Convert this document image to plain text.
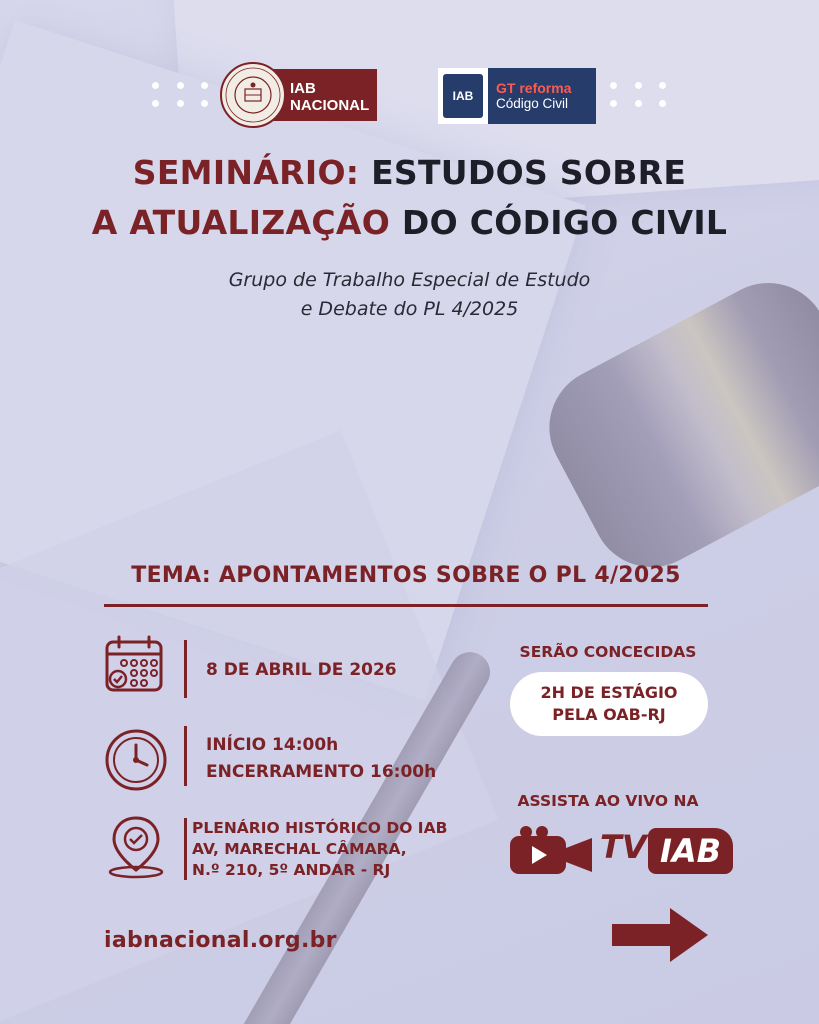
IAB
NACIONAL
IAB GT reforma
Código Civil
SEMINÁRIO: ESTUDOS SOBRE
A ATUALIZAÇÃO DO CÓDIGO CIVIL
Grupo de Trabalho Especial de Estudo
e Debate do PL 4/2025
TEMA: APONTAMENTOS SOBRE O PL 4/2025
8 DE ABRIL DE 2026
INÍCIO 14:00h
ENCERRAMENTO 16:00h
PLENÁRIO HISTÓRICO DO IAB
AV, MARECHAL CÂMARA,
N.º 210, 5º ANDAR - RJ
SERÃO CONCECIDAS
2H DE ESTÁGIO
PELA OAB-RJ
ASSISTA AO VIVO NA
TV IAB
iabnacional.org.br
